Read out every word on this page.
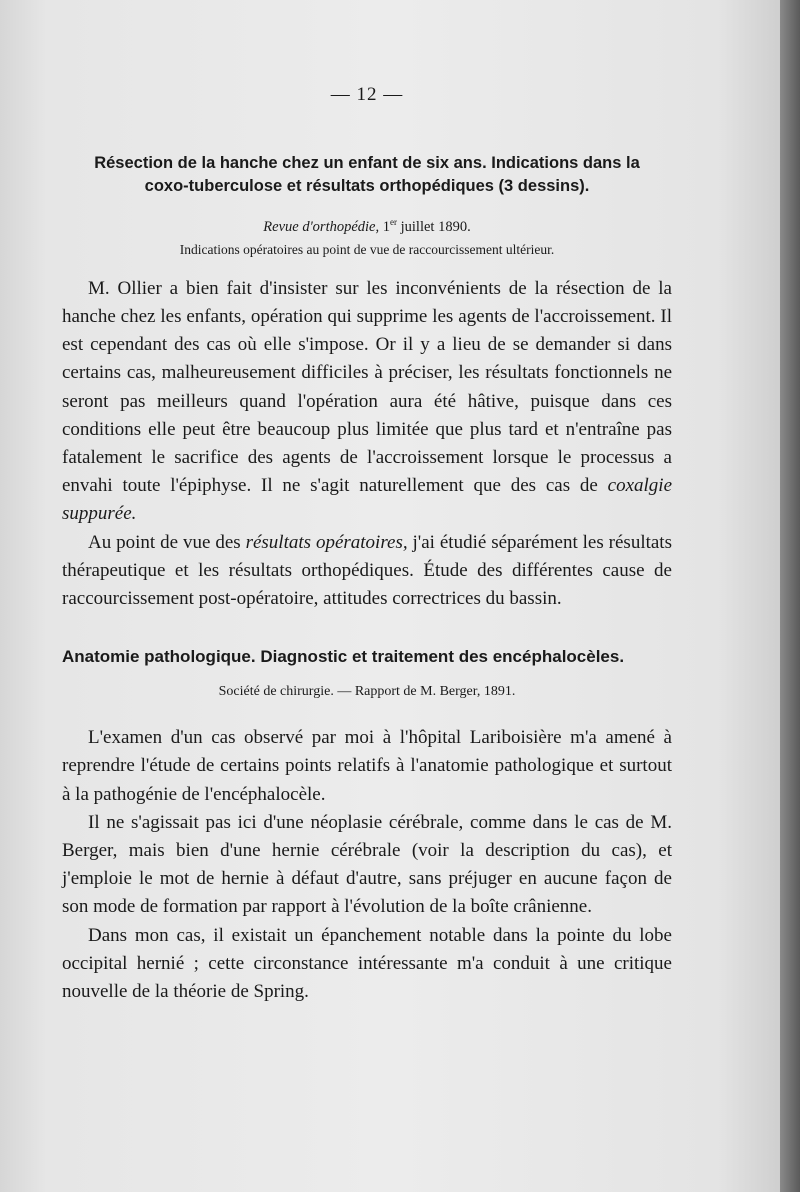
— 12 —

Résection de la hanche chez un enfant de six ans. Indications dans la
coxo-tuberculose et résultats orthopédiques (3 dessins).

Revue d'orthopédie, 1er juillet 1890.

Indications opératoires au point de vue de raccourcissement ultérieur.

M. Ollier a bien fait d'insister sur les inconvénients de la résection de la hanche chez les enfants, opération qui supprime les agents de l'accroissement. Il est cependant des cas où elle s'impose. Or il y a lieu de se demander si dans certains cas, malheureusement difficiles à préciser, les résultats fonctionnels ne seront pas meilleurs quand l'opération aura été hâtive, puisque dans ces conditions elle peut être beaucoup plus limitée que plus tard et n'entraîne pas fatalement le sacrifice des agents de l'accroissement lorsque le processus a envahi toute l'épiphyse. Il ne s'agit naturellement que des cas de coxalgie suppurée.

Au point de vue des résultats opératoires, j'ai étudié séparément les résultats thérapeutique et les résultats orthopédiques. Étude des différentes cause de raccourcissement post-opératoire, attitudes correctrices du bassin.

Anatomie pathologique. Diagnostic et traitement des encéphalocèles.

Société de chirurgie. — Rapport de M. Berger, 1891.

L'examen d'un cas observé par moi à l'hôpital Lariboisière m'a amené à reprendre l'étude de certains points relatifs à l'anatomie pathologique et surtout à la pathogénie de l'encéphalocèle.

Il ne s'agissait pas ici d'une néoplasie cérébrale, comme dans le cas de M. Berger, mais bien d'une hernie cérébrale (voir la description du cas), et j'emploie le mot de hernie à défaut d'autre, sans préjuger en aucune façon de son mode de formation par rapport à l'évolution de la boîte crânienne.

Dans mon cas, il existait un épanchement notable dans la pointe du lobe occipital hernié ; cette circonstance intéressante m'a conduit à une critique nouvelle de la théorie de Spring.
